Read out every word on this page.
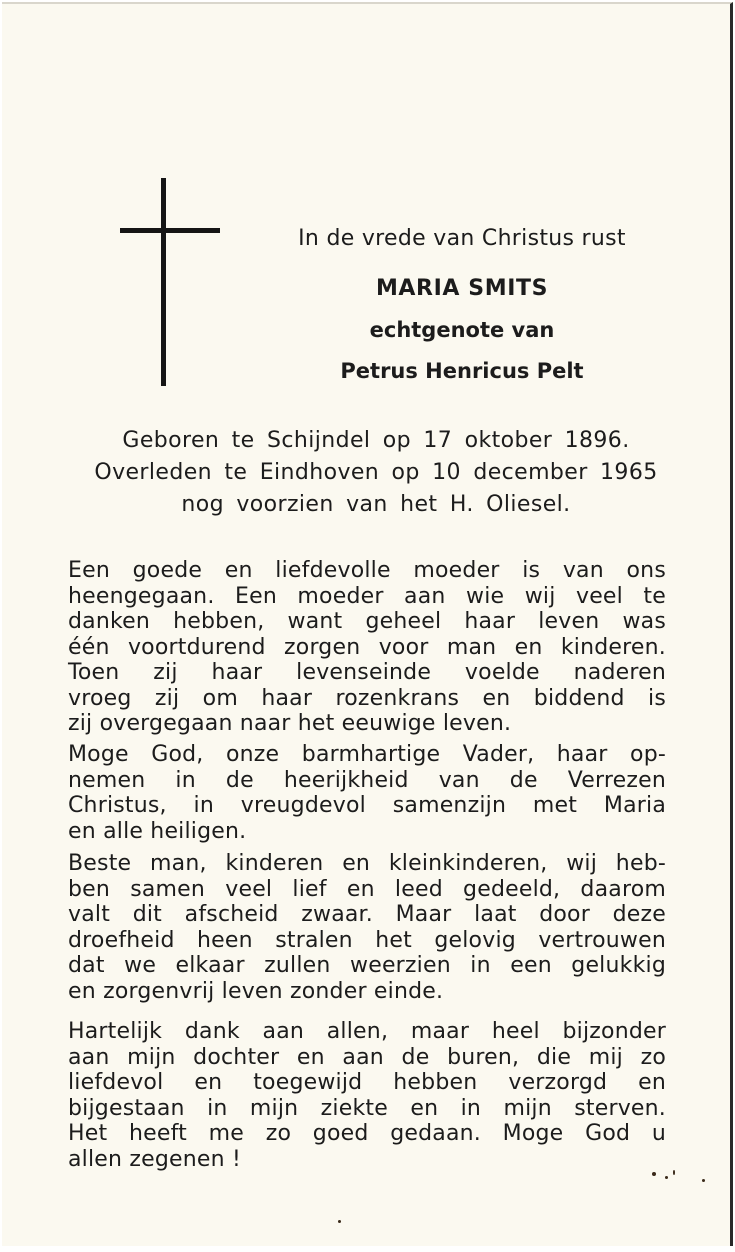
In de vrede van Christus rust
MARIA SMITS
echtgenote van
Petrus Henricus Pelt
Geboren te Schijndel op 17 oktober 1896.
Overleden te Eindhoven op 10 december 1965
nog voorzien van het H. Oliesel.
Een goede en liefdevolle moeder is van ons
heengegaan. Een moeder aan wie wij veel te
danken hebben, want geheel haar leven was
één voortdurend zorgen voor man en kinderen.
Toen zij haar levenseinde voelde naderen
vroeg zij om haar rozenkrans en biddend is
zij overgegaan naar het eeuwige leven.
Moge God, onze barmhartige Vader, haar op-
nemen in de heerijkheid van de Verrezen
Christus, in vreugdevol samenzijn met Maria
en alle heiligen.
Beste man, kinderen en kleinkinderen, wij heb-
ben samen veel lief en leed gedeeld, daarom
valt dit afscheid zwaar. Maar laat door deze
droefheid heen stralen het gelovig vertrouwen
dat we elkaar zullen weerzien in een gelukkig
en zorgenvrij leven zonder einde.
Hartelijk dank aan allen, maar heel bijzonder
aan mijn dochter en aan de buren, die mij zo
liefdevol en toegewijd hebben verzorgd en
bijgestaan in mijn ziekte en in mijn sterven.
Het heeft me zo goed gedaan. Moge God u
allen zegenen !
